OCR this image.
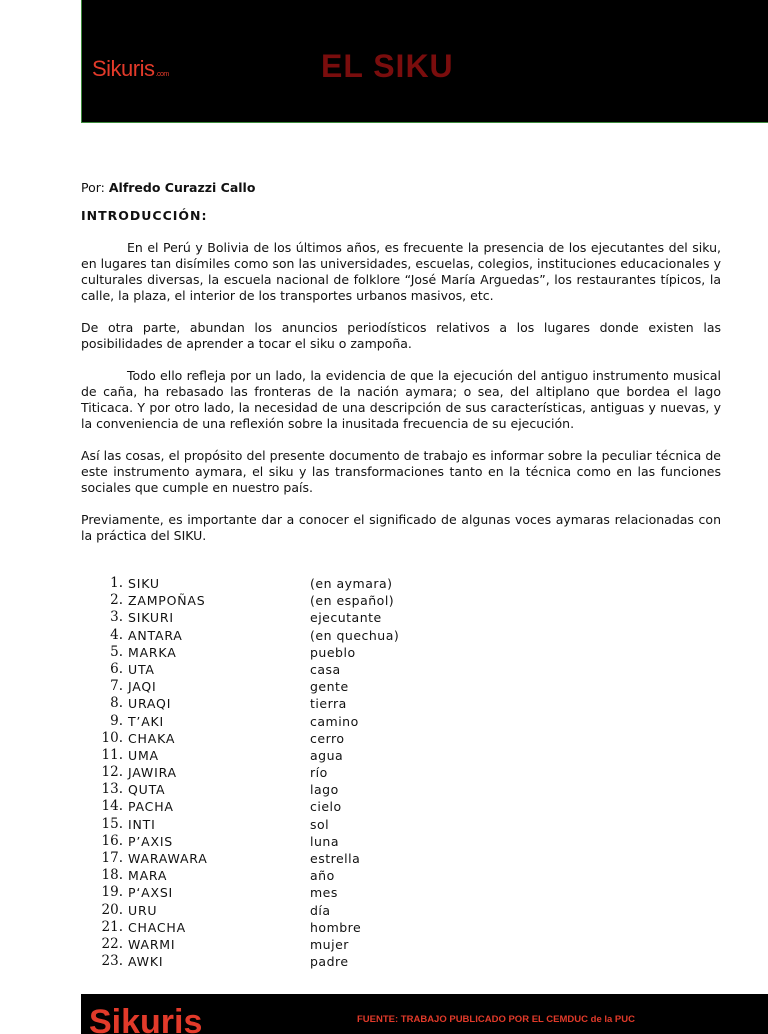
Sikuris.com	EL SIKU

Por: Alfredo Curazzi Callo

INTRODUCCIÓN:

En el Perú y Bolivia de los últimos años, es frecuente la presencia de los ejecutantes del siku, en lugares tan disímiles como son las universidades, escuelas, colegios, instituciones educacionales y culturales diversas, la escuela nacional de folklore “José María Arguedas”, los restaurantes típicos, la calle, la plaza, el interior de los transportes urbanos masivos, etc.

De otra parte, abundan los anuncios periodísticos relativos a los lugares donde existen las posibilidades de aprender a tocar el siku o zampoña.

Todo ello refleja por un lado, la evidencia de que la ejecución del antiguo instrumento musical de caña, ha rebasado las fronteras de la nación aymara; o sea, del altiplano que bordea el lago Titicaca. Y por otro lado, la necesidad de una descripción de sus características, antiguas y nuevas, y la conveniencia de una reflexión sobre la inusitada frecuencia de su ejecución.

Así las cosas, el propósito del presente documento de trabajo es informar sobre la peculiar técnica de este instrumento aymara, el siku y las transformaciones tanto en la técnica como en las funciones sociales que cumple en nuestro país.

Previamente, es importante dar a conocer el significado de algunas voces aymaras relacionadas con la práctica del SIKU.

1. SIKU	(en aymara)
2. ZAMPOÑAS	(en español)
3. SIKURI	ejecutante
4. ANTARA	(en quechua)
5. MARKA	pueblo
6. UTA	casa
7. JAQI	gente
8. URAQI	tierra
9. T’AKI	camino
10. CHAKA	cerro
11. UMA	agua
12. JAWIRA	río
13. QUTA	lago
14. PACHA	cielo
15. INTI	sol
16. P’AXIS	luna
17. WARAWARA	estrella
18. MARA	año
19. P‘AXSI	mes
20. URU	día
21. CHACHA	hombre
22. WARMI	mujer
23. AWKI	padre
Sikuris	FUENTE: TRABAJO PUBLICADO POR EL CEMDUC de la PUC
